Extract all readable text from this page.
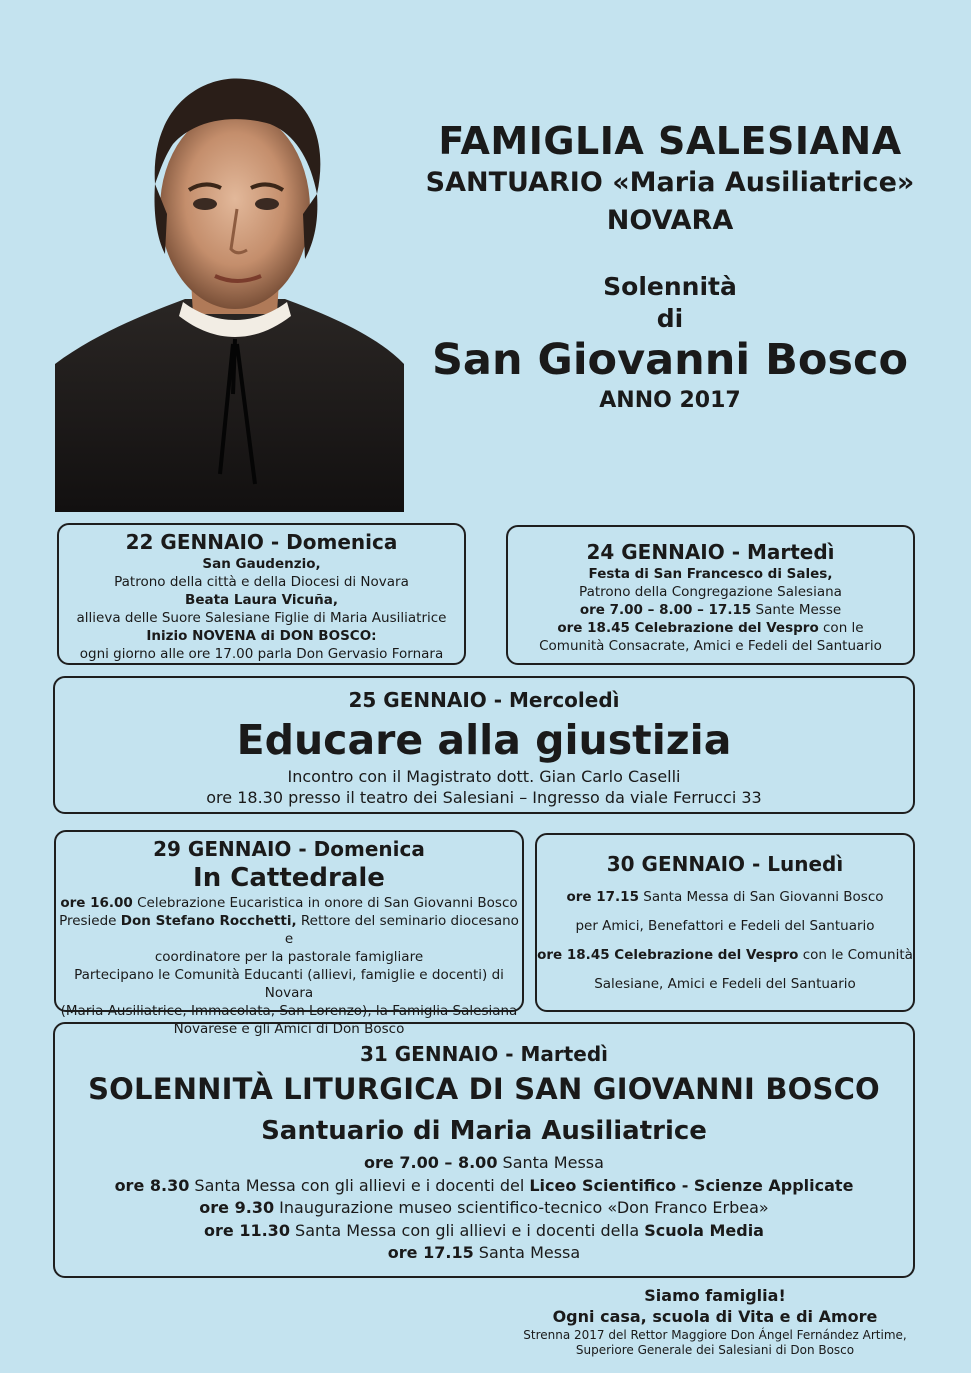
FAMIGLIA SALESIANA
SANTUARIO «Maria Ausiliatrice»
NOVARA
Solennità
di
San Giovanni Bosco
ANNO 2017
22 GENNAIO - Domenica
San Gaudenzio,
Patrono della città e della Diocesi di Novara
Beata Laura Vicuña,
allieva delle Suore Salesiane Figlie di Maria Ausiliatrice
Inizio NOVENA di DON BOSCO:
ogni giorno alle ore 17.00 parla Don Gervasio Fornara
24 GENNAIO - Martedì
Festa di San Francesco di Sales,
Patrono della Congregazione Salesiana
ore 7.00 – 8.00 – 17.15 Sante Messe
ore 18.45 Celebrazione del Vespro con le
Comunità Consacrate, Amici e Fedeli del Santuario
25 GENNAIO - Mercoledì
Educare alla giustizia
Incontro con il Magistrato dott. Gian Carlo Caselli
ore 18.30 presso il teatro dei Salesiani – Ingresso da viale Ferrucci 33
29 GENNAIO - Domenica
In Cattedrale
ore 16.00 Celebrazione Eucaristica in onore di San Giovanni Bosco
Presiede Don Stefano Rocchetti, Rettore del seminario diocesano e
coordinatore per la pastorale famigliare
Partecipano le Comunità Educanti (allievi, famiglie e docenti) di Novara
(Maria Ausiliatrice, Immacolata, San Lorenzo), la Famiglia Salesiana
Novarese e gli Amici di Don Bosco
30 GENNAIO - Lunedì
ore 17.15 Santa Messa di San Giovanni Bosco
per Amici, Benefattori e Fedeli del Santuario
ore 18.45 Celebrazione del Vespro con le Comunità
Salesiane, Amici e Fedeli del Santuario
31 GENNAIO - Martedì
SOLENNITÀ LITURGICA DI SAN GIOVANNI BOSCO
Santuario di Maria Ausiliatrice
ore 7.00 – 8.00 Santa Messa
ore 8.30 Santa Messa con gli allievi e i docenti del Liceo Scientifico - Scienze Applicate
ore 9.30 Inaugurazione museo scientifico-tecnico «Don Franco Erbea»
ore 11.30 Santa Messa con gli allievi e i docenti della Scuola Media
ore 17.15 Santa Messa
Siamo famiglia!
Ogni casa, scuola di Vita e di Amore
Strenna 2017 del Rettor Maggiore Don Ángel Fernández Artime,
Superiore Generale dei Salesiani di Don Bosco
